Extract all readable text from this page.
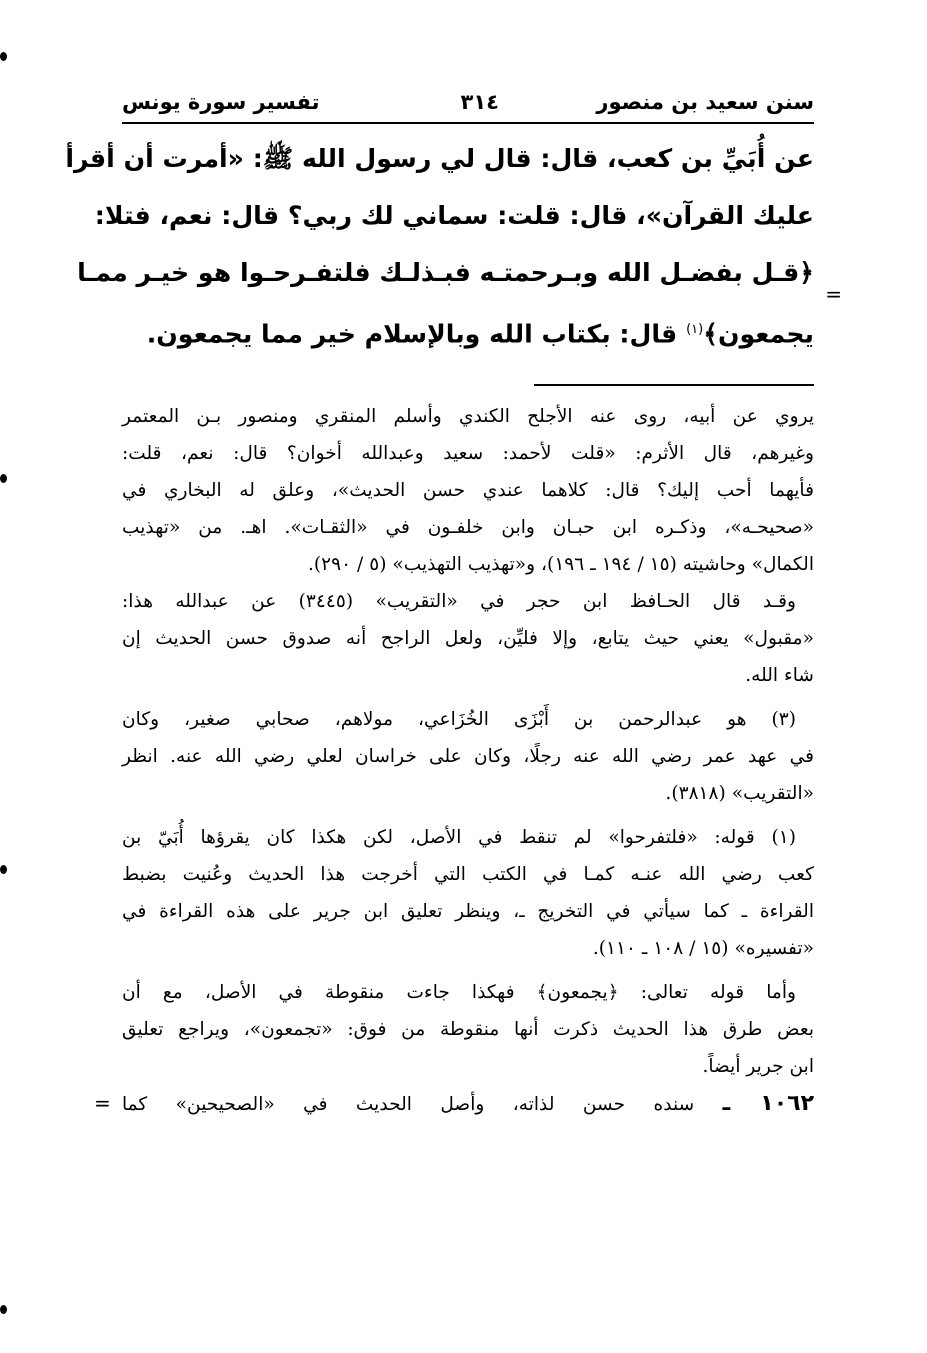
سنن سعيد بن منصور
٣١٤
تفسير سورة يونس
عن أُبَيِّ بن كعب، قال: قال لي رسول الله ﷺ: «أمرت أن أقرأ
عليك القرآن»، قال: قلت: سماني لك ربي؟ قال: نعم، فتلا:
﴿قـل بفضـل الله وبـرحمتـه فبـذلـك فلتفـرحـوا هو خيـر ممـا
يجمعون﴾$^{(١)}$ قال: بكتاب الله وبالإسلام خير مما يجمعون.
=
يروي عن أبيه، روى عنه الأجلح الكندي وأسلم المنقري ومنصور بـن المعتمر
وغيرهم، قال الأثرم: «قلت لأحمد: سعيد وعبدالله أخوان؟ قال: نعم، قلت:
فأيهما أحب إليك؟ قال: كلاهما عندي حسن الحديث»، وعلق له البخاري في
«صحيحـه»، وذكـره ابن حبـان وابن خلفـون في «الثقـات». اهـ. من «تهذيب
الكمال» وحاشيته (١٥ / ١٩٤ ـ ١٩٦)، و«تهذيب التهذيب» (٥ / ٢٩٠).
وقـد قال الحـافظ ابن حجر في «التقريب» (٣٤٤٥) عن عبدالله هذا:
«مقبول» يعني حيث يتابع، وإلا فليِّن، ولعل الراجح أنه صدوق حسن الحديث إن
شاء الله.
(٣) هو عبدالرحمن بن أَبْزَى الخُزَاعي، مولاهم، صحابي صغير، وكان
في عهد عمر رضي الله عنه رجلًا، وكان على خراسان لعلي رضي الله عنه. انظر
«التقريب» (٣٨١٨).
(١) قوله: «فلتفرحوا» لم تنقط في الأصل، لكن هكذا كان يقرؤها أُبَيّ بن
كعب رضي الله عنـه كمـا في الكتب التي أخرجت هذا الحديث وعُنيت بضبط
القراءة ـ كما سيأتي في التخريج ـ، وينظر تعليق ابن جرير على هذه القراءة في
«تفسيره» (١٥ / ١٠٨ ـ ١١٠).
وأما قوله تعالى: ﴿يجمعون﴾ فهكذا جاءت منقوطة في الأصل، مع أن
بعض طرق هذا الحديث ذكرت أنها منقوطة من فوق: «تجمعون»، ويراجع تعليق
ابن جرير أيضاً.
١٠٦٢ ـ سنده حسن لذاته، وأصل الحديث في «الصحيحين» كما
=
